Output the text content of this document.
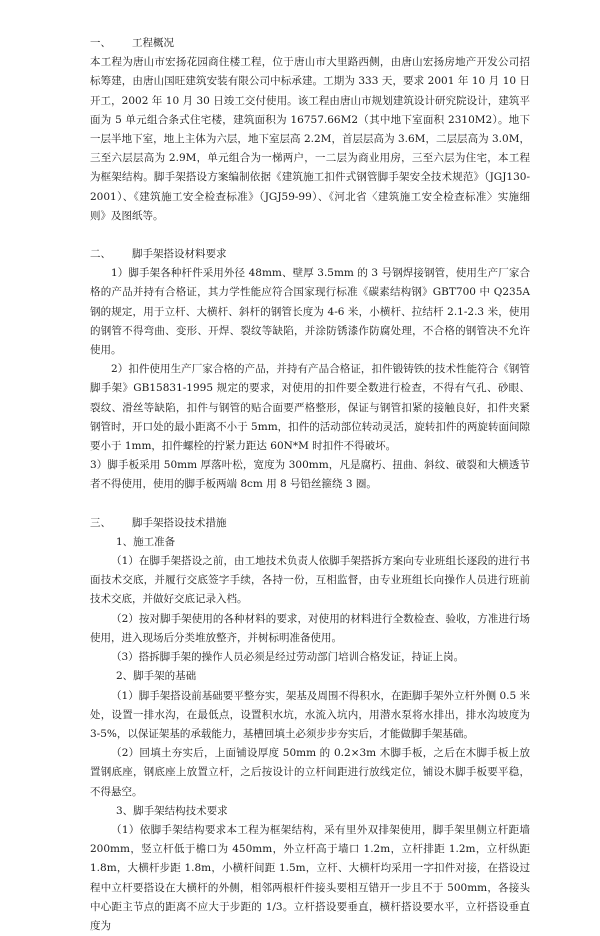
一、 工程概况

本工程为唐山市宏扬花园商住楼工程，位于唐山市大里路西侧，由唐山宏扬房地产开发公司招标筹建，由唐山国旺建筑安装有限公司中标承建。工期为 333 天，要求 2001 年 10 月 10 日开工，2002 年 10 月 30 日竣工交付使用。该工程由唐山市规划建筑设计研究院设计，建筑平面为 5 单元组合条式住宅楼，建筑面积为 16757.66M2（其中地下室面积 2310M2）。地下一层半地下室，地上主体为六层，地下室层高 2.2M，首层层高为 3.6M，二层层高为 3.0M，三至六层层高为 2.9M，单元组合为一梯两户，一二层为商业用房，三至六层为住宅，本工程为框架结构。脚手架搭设方案编制依据《建筑施工扣件式钢管脚手架安全技术规范》（JGJ130-2001）、《建筑施工安全检查标准》（JGJ59-99）、《河北省〈建筑施工安全检查标准〉实施细则》及图纸等。

二、 脚手架搭设材料要求

1）脚手架各种杆件采用外径 48mm、壁厚 3.5mm 的 3 号钢焊接钢管，使用生产厂家合格的产品并持有合格证，其力学性能应符合国家现行标准《碳素结构钢》GBT700 中 Q235A 钢的规定，用于立杆、大横杆、斜杆的钢管长度为 4-6 米，小横杆、拉结杆 2.1-2.3 米，使用的钢管不得弯曲、变形、开焊、裂纹等缺陷，并涂防锈漆作防腐处理，不合格的钢管决不允许使用。

2）扣件使用生产厂家合格的产品，并持有产品合格证，扣件锻铸铁的技术性能符合《钢管脚手架》GB15831-1995 规定的要求，对使用的扣件要全数进行检查，不得有气孔、砂眼、裂纹、滑丝等缺陷，扣件与钢管的贴合面要严格整形，保证与钢管扣紧的接触良好，扣件夹紧钢管时，开口处的最小距离不小于 5mm，扣件的活动部位转动灵活，旋转扣件的两旋转面间隙要小于 1mm，扣件螺栓的拧紧力距达 60N*M 时扣件不得破坏。

3）脚手板采用 50mm 厚落叶松，宽度为 300mm，凡是腐朽、扭曲、斜纹、破裂和大横透节者不得使用，使用的脚手板两端 8cm 用 8 号铅丝箍绕 3 圈。

三、 脚手架搭设技术措施
1、施工准备

（1）在脚手架搭设之前，由工地技术负责人依脚手架搭拆方案向专业班组长逐段的进行书面技术交底，并履行交底签字手续，各持一份，互相监督，由专业班组长向操作人员进行班前技术交底，并做好交底记录入档。

（2）按对脚手架使用的各种材料的要求，对使用的材料进行全数检查、验收，方准进行场使用，进入现场后分类堆放整齐，并树标明准备使用。

（3）搭拆脚手架的操作人员必须是经过劳动部门培训合格发证，持证上岗。

2、脚手架的基础

（1）脚手架搭设前基础要平整夯实，架基及周围不得积水，在距脚手架外立杆外侧 0.5 米处，设置一排水沟，在最低点，设置积水坑，水流入坑内，用潜水泵将水排出，排水沟坡度为 3-5%，以保证架基的承载能力，基槽回填土必须步步夯实后，才能做脚手架基础。

（2）回填土夯实后，上面铺设厚度 50mm 的 0.2×3m 木脚手板，之后在木脚手板上放置钢底座，钢底座上放置立杆，之后按设计的立杆间距进行放线定位，铺设木脚手板要平稳，不得悬空。

3、脚手架结构技术要求

（1）依脚手架结构要求本工程为框架结构，采有里外双排架使用，脚手架里侧立杆距墙 200mm，竖立杆低于檐口为 450mm，外立杆高于墙口 1.2m，立杆排距 1.2m，立杆纵距 1.8m，大横杆步距 1.8m，小横杆间距 1.5m，立杆、大横杆均采用一字扣件对接，在搭设过程中立杆要搭设在大横杆的外侧，相邻两根杆件接头要相互错开一步且不于 500mm，各接头中心距主节点的距离不应大于步距的 1/3。立杆搭设要垂直，横杆搭设要水平，立杆搭设垂直度为
